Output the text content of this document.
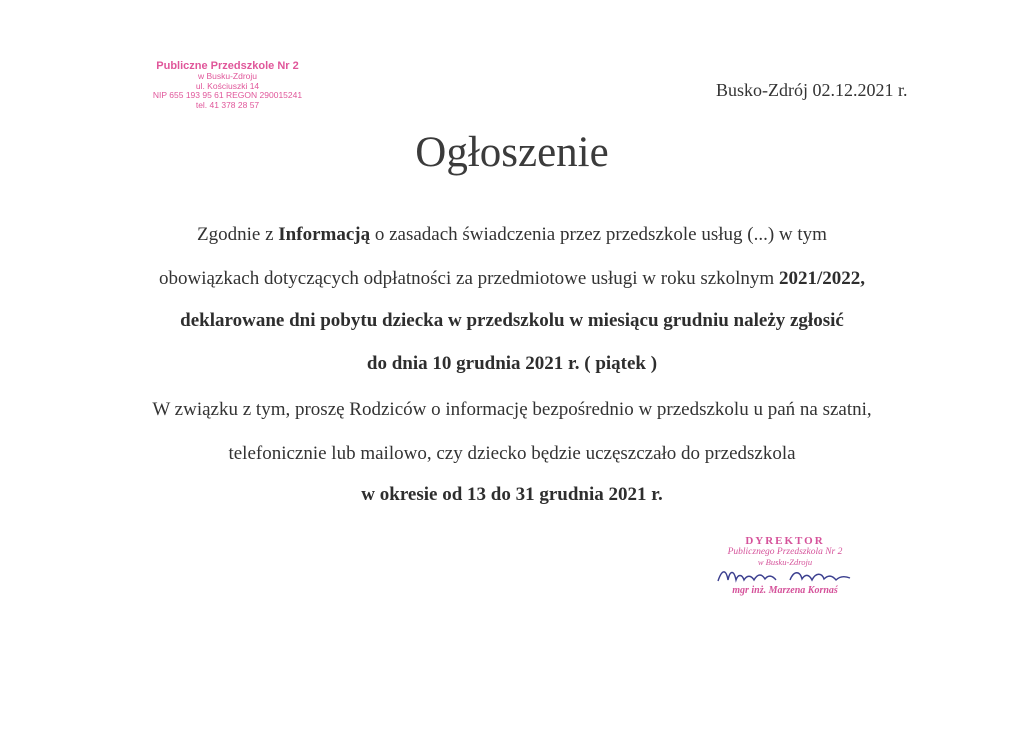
Publiczne Przedszkole Nr 2
w Busku-Zdroju
ul. Kościuszki 14
NIP 655 193 95 61 REGON 290015241
tel. 41 378 28 57
Busko-Zdrój 02.12.2021 r.
Ogłoszenie
Zgodnie z Informacją o zasadach świadczenia przez przedszkole usług (...) w tym
obowiązkach dotyczących odpłatności za przedmiotowe usługi w roku szkolnym 2021/2022,
deklarowane dni pobytu dziecka w przedszkolu w miesiącu grudniu należy zgłosić
do dnia 10 grudnia 2021 r. ( piątek )
W związku z tym, proszę Rodziców o informację bezpośrednio w przedszkolu u pań na szatni,
telefonicznie lub mailowo, czy dziecko będzie uczęszczało do przedszkola
w okresie od 13 do 31 grudnia 2021 r.
DYREKTOR
Publicznego Przedszkola Nr 2
w Busku-Zdroju
mgr inż. Marzena Kornaś
